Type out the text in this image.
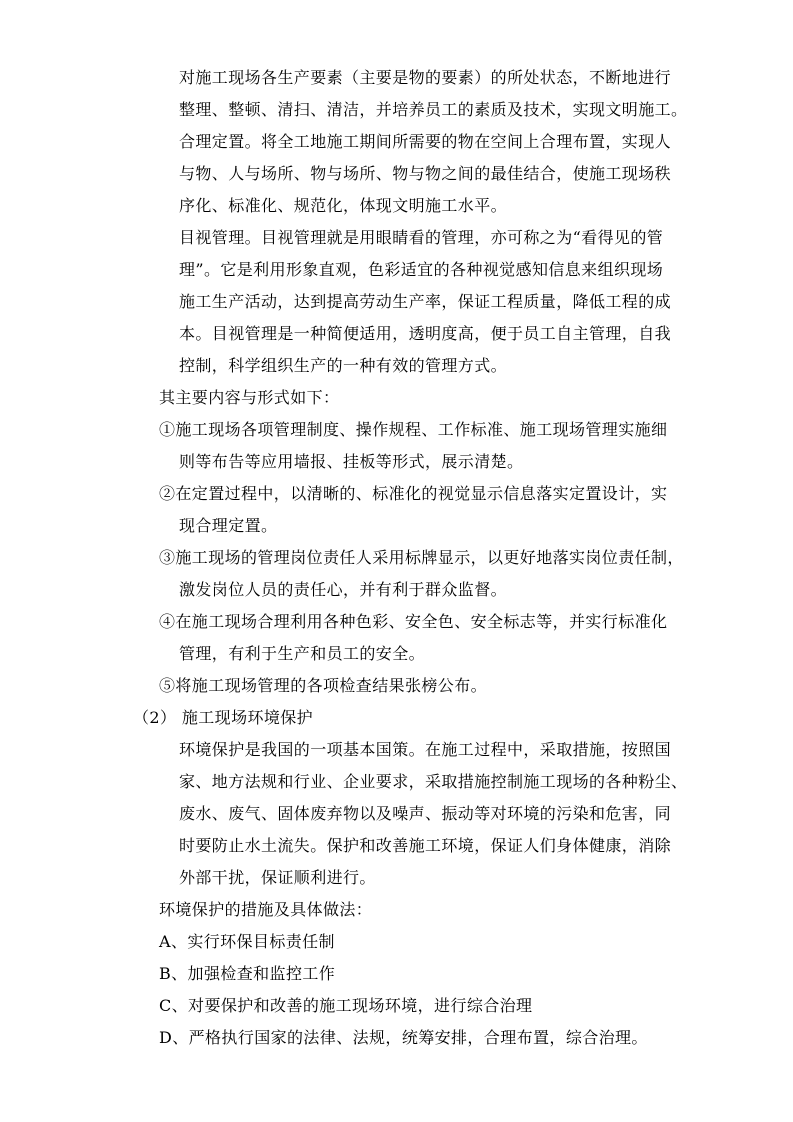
对施工现场各生产要素（主要是物的要素）的所处状态，不断地进行
整理、整顿、清扫、清洁，并培养员工的素质及技术，实现文明施工。
合理定置。将全工地施工期间所需要的物在空间上合理布置，实现人
与物、人与场所、物与场所、物与物之间的最佳结合，使施工现场秩
序化、标准化、规范化，体现文明施工水平。
目视管理。目视管理就是用眼睛看的管理，亦可称之为“看得见的管
理”。它是利用形象直观，色彩适宜的各种视觉感知信息来组织现场
施工生产活动，达到提高劳动生产率，保证工程质量，降低工程的成
本。目视管理是一种简便适用，透明度高，便于员工自主管理，自我
控制，科学组织生产的一种有效的管理方式。
其主要内容与形式如下：
①施工现场各项管理制度、操作规程、工作标准、施工现场管理实施细
则等布告等应用墙报、挂板等形式，展示清楚。
②在定置过程中，以清晰的、标准化的视觉显示信息落实定置设计，实
现合理定置。
③施工现场的管理岗位责任人采用标牌显示，以更好地落实岗位责任制，
激发岗位人员的责任心，并有利于群众监督。
④在施工现场合理利用各种色彩、安全色、安全标志等，并实行标准化
管理，有利于生产和员工的安全。
⑤将施工现场管理的各项检查结果张榜公布。
（2） 施工现场环境保护
环境保护是我国的一项基本国策。在施工过程中，采取措施，按照国
家、地方法规和行业、企业要求，采取措施控制施工现场的各种粉尘、
废水、废气、固体废弃物以及噪声、振动等对环境的污染和危害，同
时要防止水土流失。保护和改善施工环境，保证人们身体健康，消除
外部干扰，保证顺利进行。
环境保护的措施及具体做法：
A、实行环保目标责任制
B、加强检查和监控工作
C、对要保护和改善的施工现场环境，进行综合治理
D、严格执行国家的法律、法规，统筹安排，合理布置，综合治理。
